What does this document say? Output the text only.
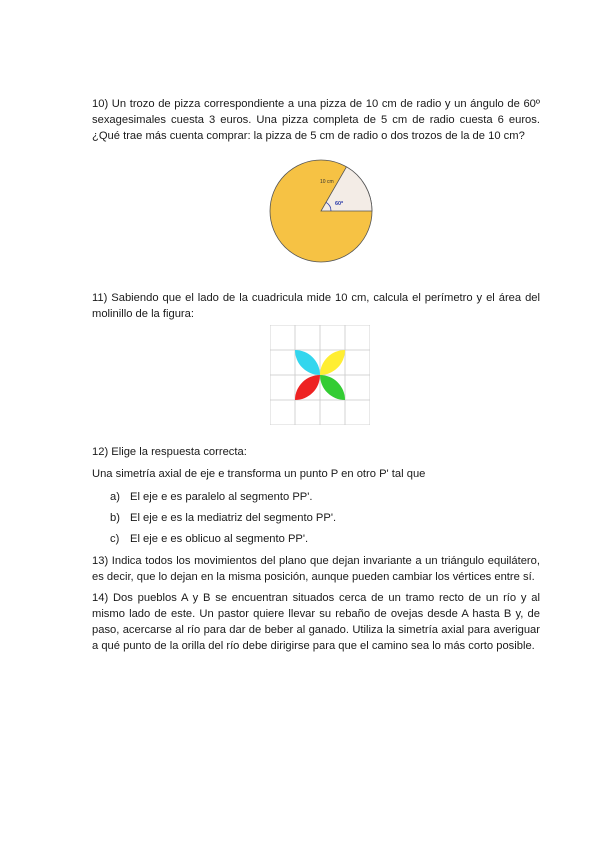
10) Un trozo de pizza correspondiente a una pizza de 10 cm de radio y un ángulo de 60º sexagesimales cuesta 3 euros. Una pizza completa de 5 cm de radio cuesta 6 euros. ¿Qué trae más cuenta comprar: la pizza de 5 cm de radio o dos trozos de la de 10 cm?

10 cm
60º

11) Sabiendo que el lado de la cuadricula mide 10 cm, calcula el perímetro y el área del molinillo de la figura:

12) Elige la respuesta correcta:

Una simetría axial de eje e transforma un punto P en otro P' tal que

a) El eje e es paralelo al segmento PP'.
b) El eje e es la mediatriz del segmento PP'.
c) El eje e es oblicuo al segmento PP'.

13) Indica todos los movimientos del plano que dejan invariante a un triángulo equilátero, es decir, que lo dejan en la misma posición, aunque pueden cambiar los vértices entre sí.

14) Dos pueblos A y B se encuentran situados cerca de un tramo recto de un río y al mismo lado de este. Un pastor quiere llevar su rebaño de ovejas desde A hasta B y, de paso, acercarse al río para dar de beber al ganado. Utiliza la simetría axial para averiguar a qué punto de la orilla del río debe dirigirse para que el camino sea lo más corto posible.
